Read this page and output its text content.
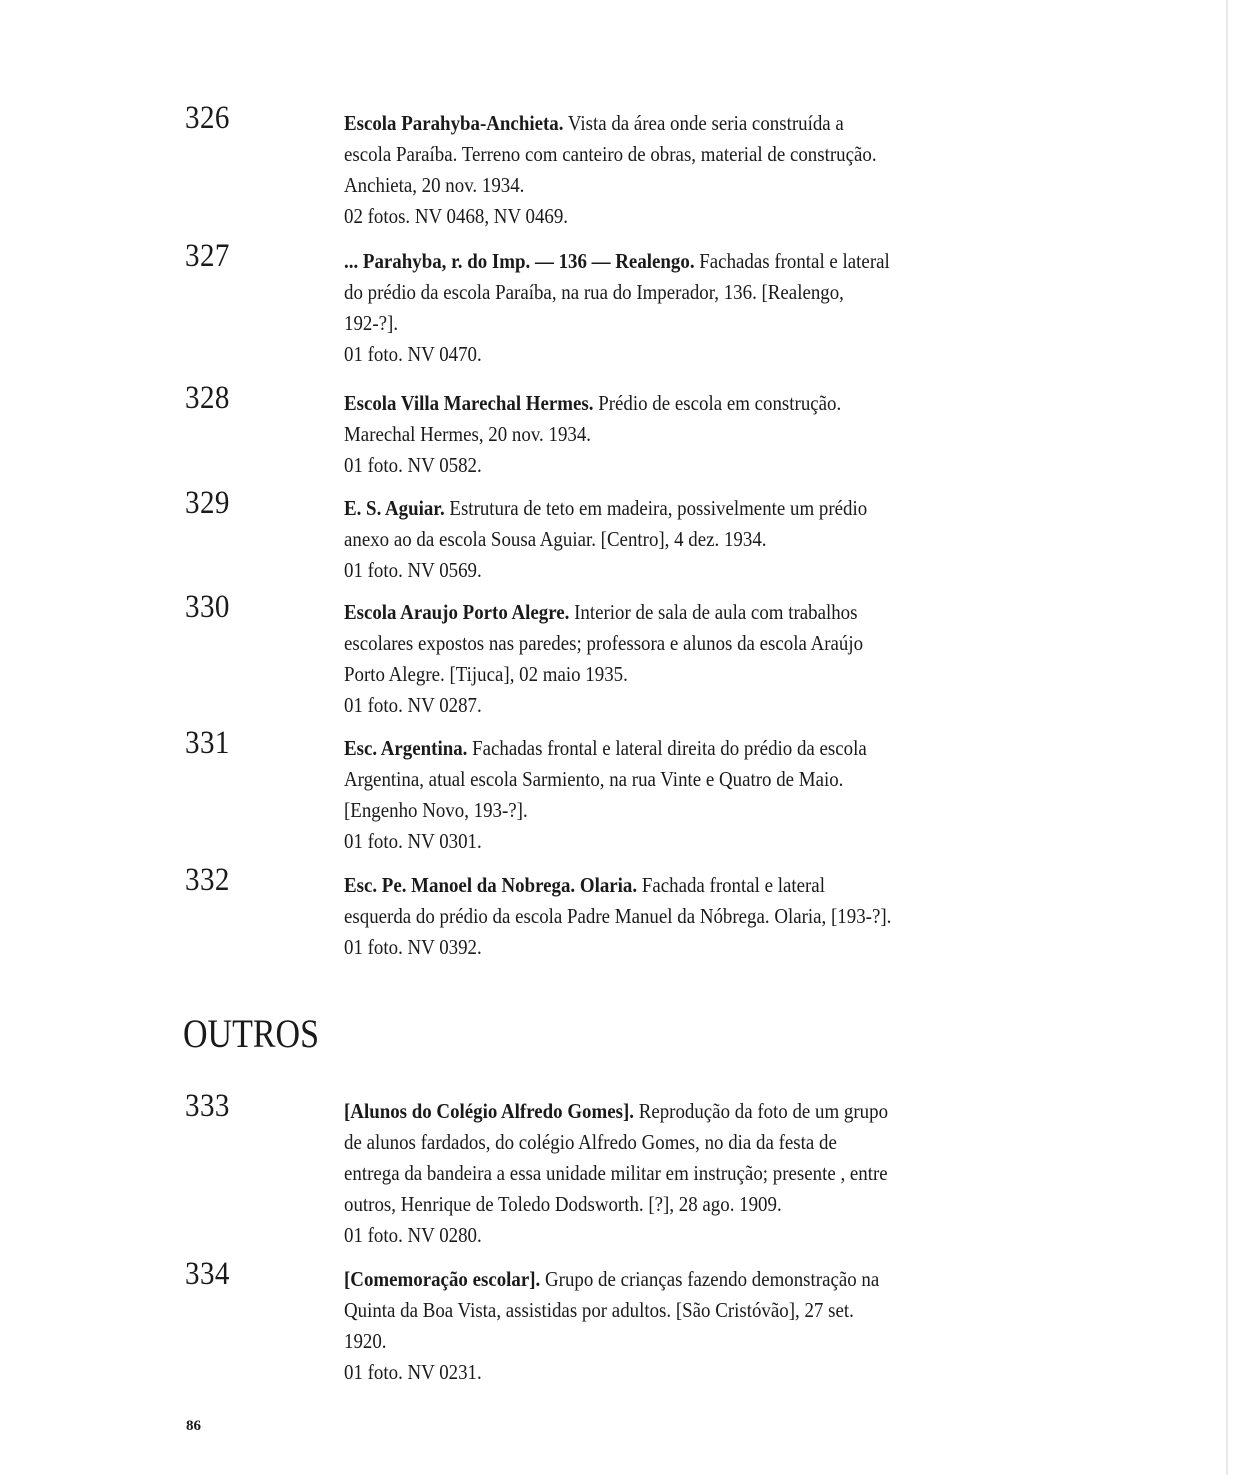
326	Escola Parahyba-Anchieta. Vista da área onde seria construída a escola Paraíba. Terreno com canteiro de obras, material de construção. Anchieta, 20 nov. 1934.

02 fotos. NV 0468, NV 0469.
327	... Parahyba, r. do Imp. — 136 — Realengo. Fachadas frontal e lateral do prédio da escola Paraíba, na rua do Imperador, 136. [Realengo, 192-?].

01 foto. NV 0470.
328	Escola Villa Marechal Hermes. Prédio de escola em construção. Marechal Hermes, 20 nov. 1934.

01 foto. NV 0582.
329	E. S. Aguiar. Estrutura de teto em madeira, possivelmente um prédio anexo ao da escola Sousa Aguiar. [Centro], 4 dez. 1934.

01 foto. NV 0569.
330	Escola Araujo Porto Alegre. Interior de sala de aula com trabalhos escolares expostos nas paredes; professora e alunos da escola Araújo Porto Alegre. [Tijuca], 02 maio 1935.

01 foto. NV 0287.
331	Esc. Argentina. Fachadas frontal e lateral direita do prédio da escola Argentina, atual escola Sarmiento, na rua Vinte e Quatro de Maio. [Engenho Novo, 193-?].

01 foto. NV 0301.
332	Esc. Pe. Manoel da Nobrega. Olaria. Fachada frontal e lateral esquerda do prédio da escola Padre Manuel da Nóbrega. Olaria, [193-?].

01 foto. NV 0392.
OUTROS
333	[Alunos do Colégio Alfredo Gomes]. Reprodução da foto de um grupo de alunos fardados, do colégio Alfredo Gomes, no dia da festa de entrega da bandeira a essa unidade militar em instrução; presente , entre outros, Henrique de Toledo Dodsworth. [?], 28 ago. 1909.

01 foto. NV 0280.
334	[Comemoração escolar]. Grupo de crianças fazendo demonstração na Quinta da Boa Vista, assistidas por adultos. [São Cristóvão], 27 set. 1920.

01 foto. NV 0231.
86
